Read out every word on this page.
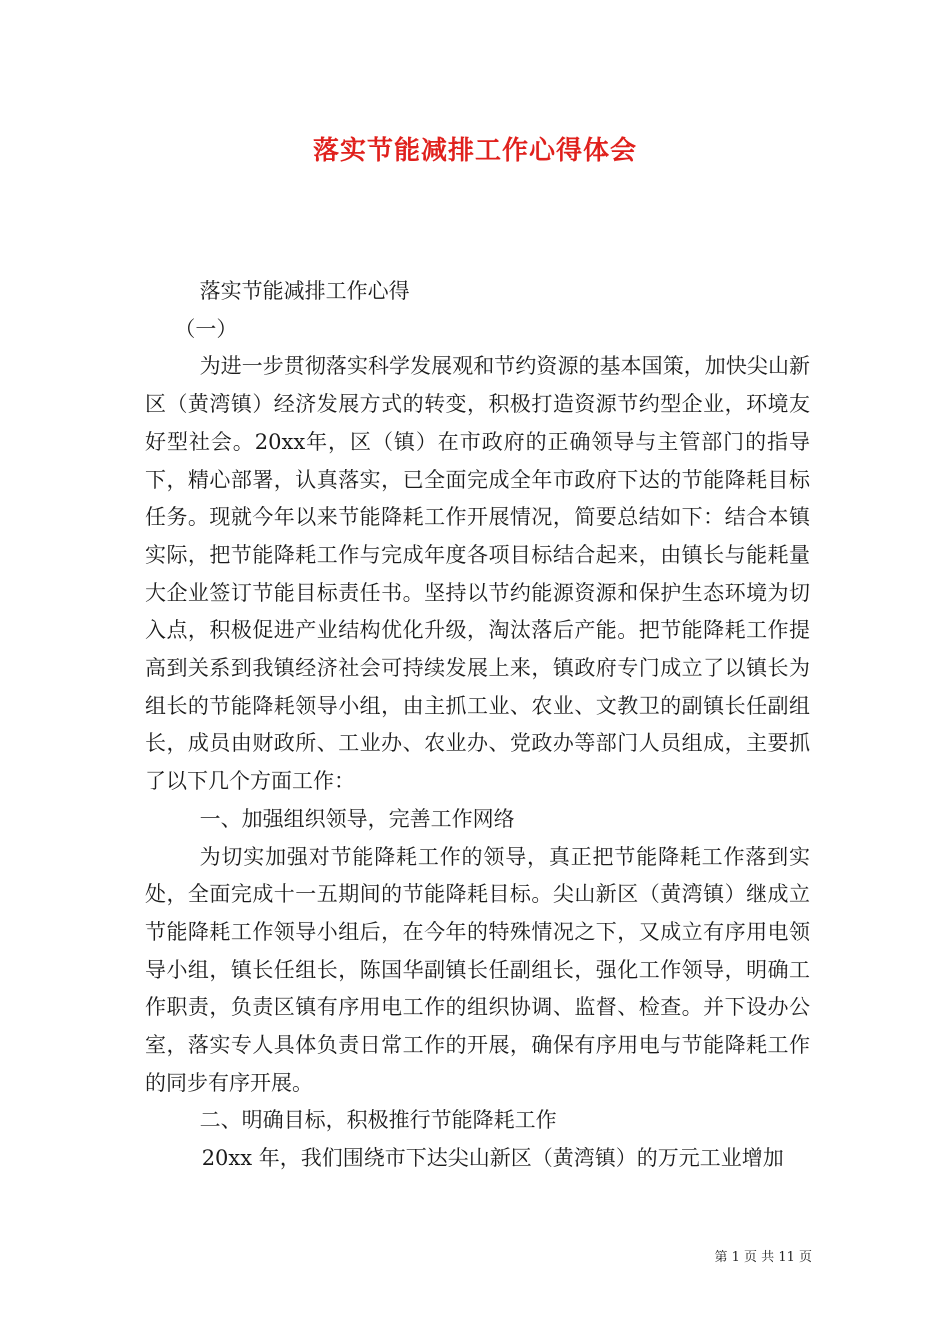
落实节能减排工作心得体会

落实节能减排工作心得

（一）

为进一步贯彻落实科学发展观和节约资源的基本国策，加快尖山新区（黄湾镇）经济发展方式的转变，积极打造资源节约型企业，环境友好型社会。20xx年，区（镇）在市政府的正确领导与主管部门的指导下，精心部署，认真落实，已全面完成全年市政府下达的节能降耗目标任务。现就今年以来节能降耗工作开展情况，简要总结如下：结合本镇实际，把节能降耗工作与完成年度各项目标结合起来，由镇长与能耗量大企业签订节能目标责任书。坚持以节约能源资源和保护生态环境为切入点，积极促进产业结构优化升级，淘汰落后产能。把节能降耗工作提高到关系到我镇经济社会可持续发展上来，镇政府专门成立了以镇长为组长的节能降耗领导小组，由主抓工业、农业、文教卫的副镇长任副组长，成员由财政所、工业办、农业办、党政办等部门人员组成，主要抓了以下几个方面工作：

一、加强组织领导，完善工作网络

为切实加强对节能降耗工作的领导，真正把节能降耗工作落到实处，全面完成十一五期间的节能降耗目标。尖山新区（黄湾镇）继成立节能降耗工作领导小组后，在今年的特殊情况之下，又成立有序用电领导小组，镇长任组长，陈国华副镇长任副组长，强化工作领导，明确工作职责，负责区镇有序用电工作的组织协调、监督、检查。并下设办公室，落实专人具体负责日常工作的开展，确保有序用电与节能降耗工作的同步有序开展。

二、明确目标，积极推行节能降耗工作

20xx 年，我们围绕市下达尖山新区（黄湾镇）的万元工业增加

第 1 页 共 11 页
